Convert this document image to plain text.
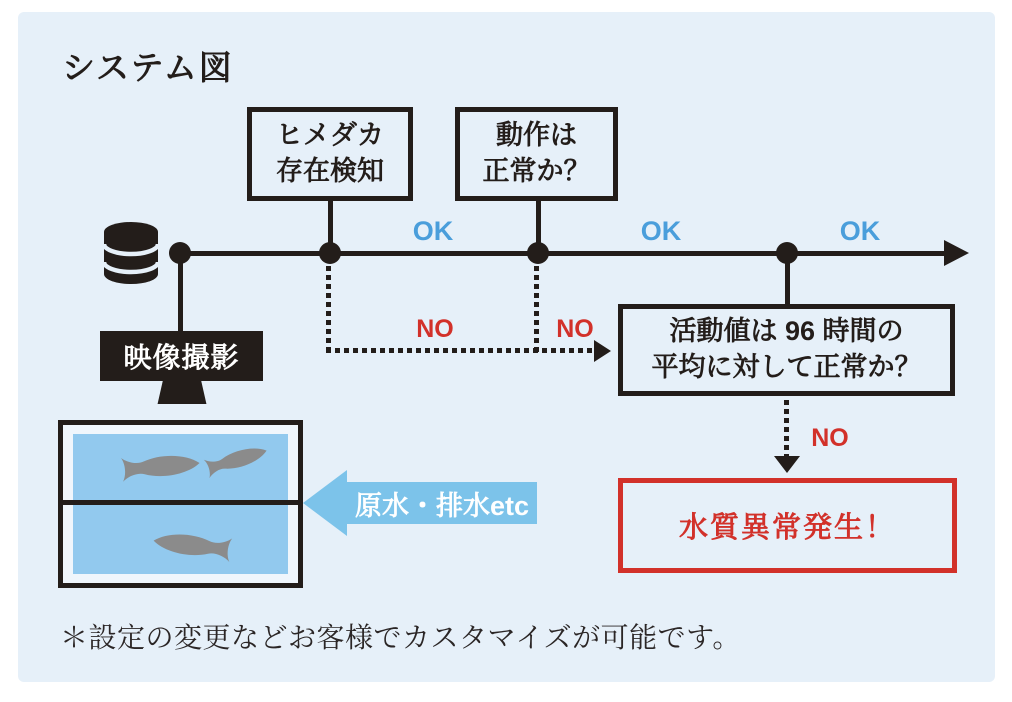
システム図
ヒメダカ
存在検知
動作は
正常か？
OK	OK	OK
NO	NO	活動値は 96 時間の
平均に対して正常か？
NO
水質異常発生！
映像撮影
原水・排水etc
＊設定の変更などお客様でカスタマイズが可能です。
